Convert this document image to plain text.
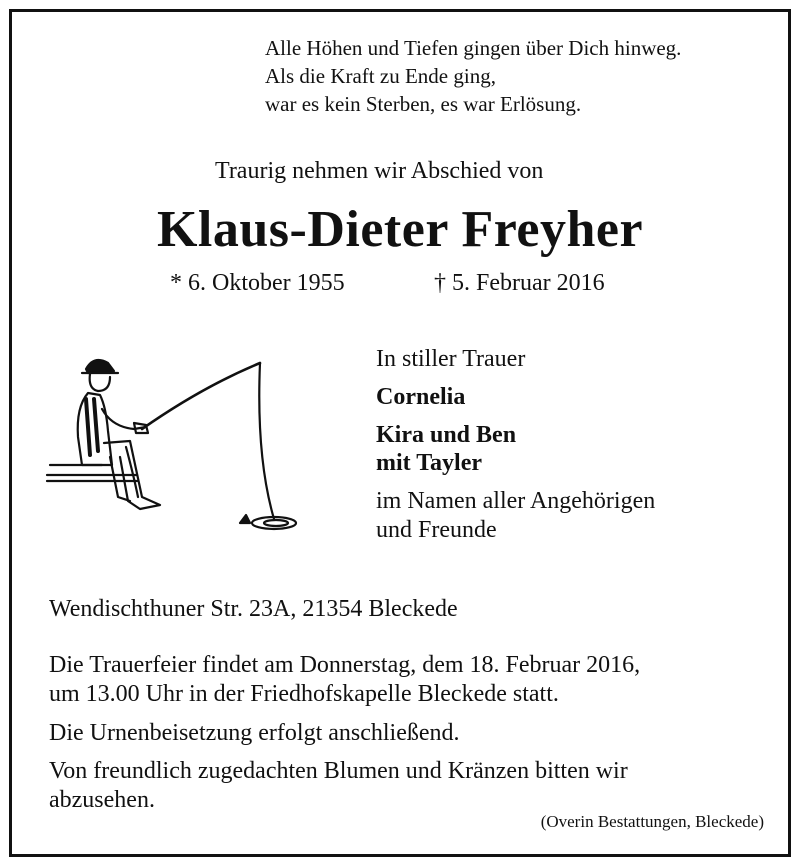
Alle Höhen und Tiefen gingen über Dich hinweg.
Als die Kraft zu Ende ging,
war es kein Sterben, es war Erlösung.
Traurig nehmen wir Abschied von
Klaus-Dieter Freyher
* 6. Oktober 1955	† 5. Februar 2016
In stiller Trauer
Cornelia
Kira und Ben
mit Tayler
im Namen aller Angehörigen
und Freunde
Wendischthuner Str. 23A, 21354 Bleckede
Die Trauerfeier findet am Donnerstag, dem 18. Februar 2016,
um 13.00 Uhr in der Friedhofskapelle Bleckede statt.
Die Urnenbeisetzung erfolgt anschließend.
Von freundlich zugedachten Blumen und Kränzen bitten wir
abzusehen.
(Overin Bestattungen, Bleckede)
